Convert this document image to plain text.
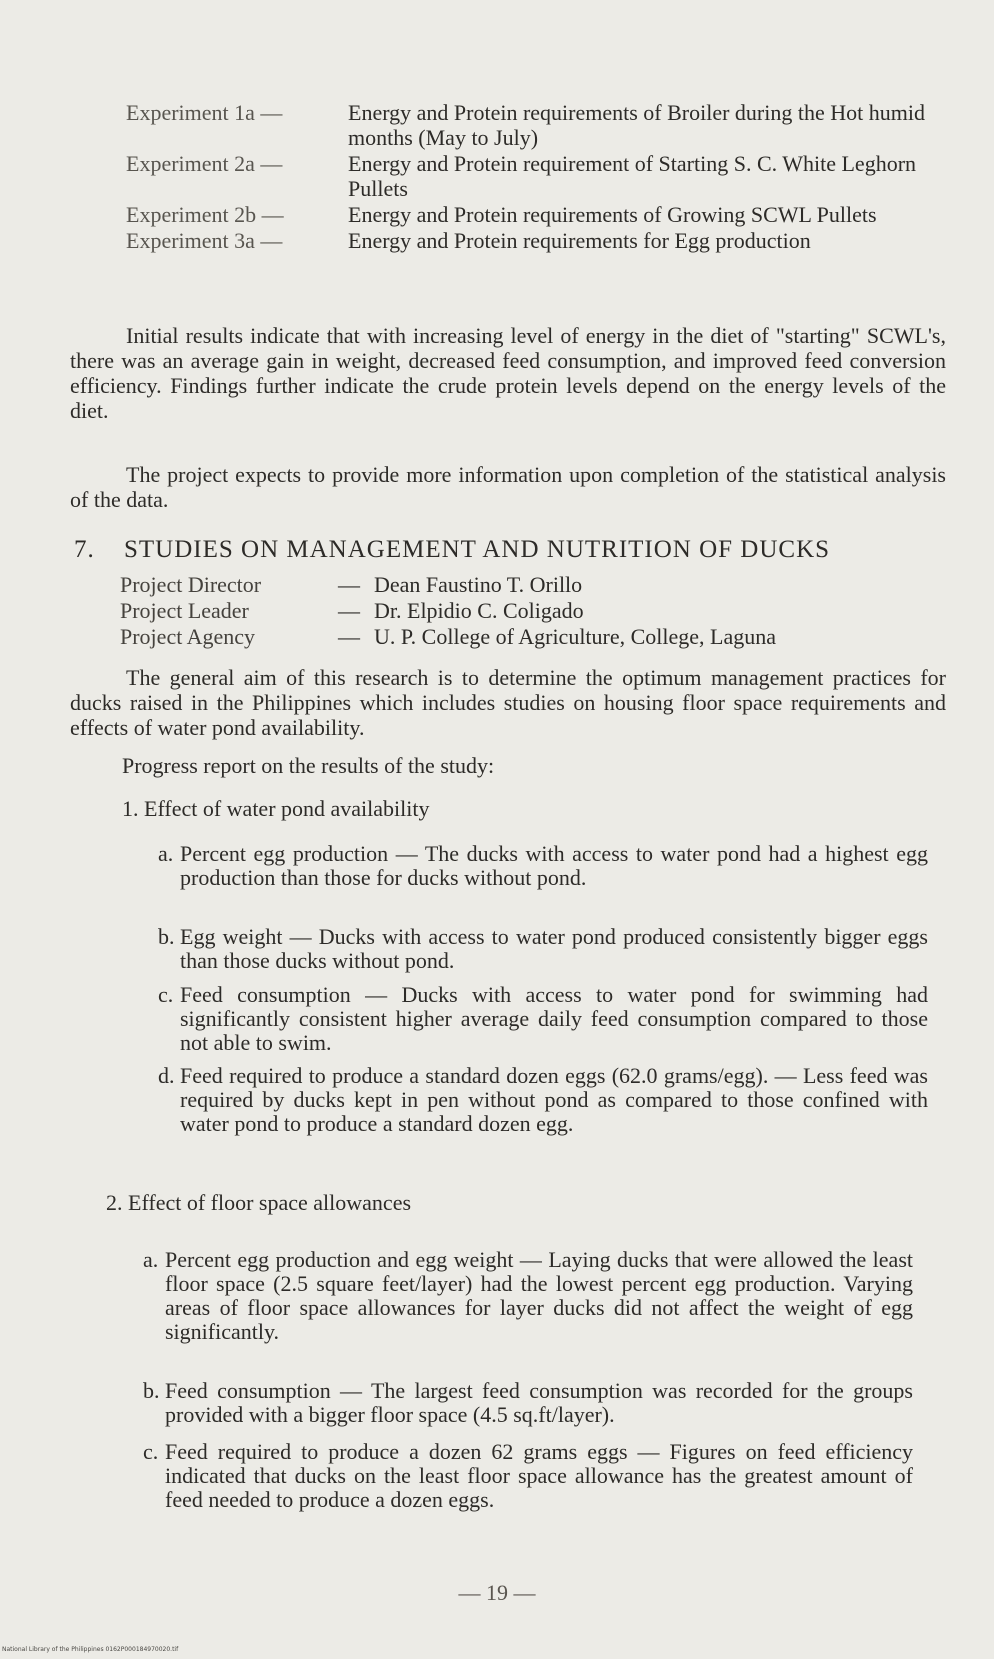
Experiment 1a —	Energy and Protein requirements of Broiler during the Hot humid months (May to July)
Experiment 2a —	Energy and Protein requirement of Starting S. C. White Leghorn Pullets
Experiment 2b —	Energy and Protein requirements of Growing SCWL Pullets
Experiment 3a —	Energy and Protein requirements for Egg production

Initial results indicate that with increasing level of energy in the diet of "starting" SCWL's, there was an average gain in weight, decreased feed consumption, and improved feed conversion efficiency. Findings further indicate the crude protein levels depend on the energy levels of the diet.

The project expects to provide more information upon completion of the statistical analysis of the data.

7. STUDIES ON MANAGEMENT AND NUTRITION OF DUCKS
Project Director	— Dean Faustino T. Orillo
Project Leader	— Dr. Elpidio C. Coligado
Project Agency	— U. P. College of Agriculture, College, Laguna

The general aim of this research is to determine the optimum management practices for ducks raised in the Philippines which includes studies on housing floor space requirements and effects of water pond availability.

Progress report on the results of the study:
1. Effect of water pond availability
a. Percent egg production — The ducks with access to water pond had a highest egg production than those for ducks without pond.
b. Egg weight — Ducks with access to water pond produced consistently bigger eggs than those ducks without pond.
c. Feed consumption — Ducks with access to water pond for swimming had significantly consistent higher average daily feed consumption compared to those not able to swim.
d. Feed required to produce a standard dozen eggs (62.0 grams/egg). — Less feed was required by ducks kept in pen without pond as compared to those confined with water pond to produce a standard dozen egg.
2. Effect of floor space allowances
a. Percent egg production and egg weight — Laying ducks that were allowed the least floor space (2.5 square feet/layer) had the lowest percent egg production. Varying areas of floor space allowances for layer ducks did not affect the weight of egg significantly.
b. Feed consumption — The largest feed consumption was recorded for the groups provided with a bigger floor space (4.5 sq.ft/layer).
c. Feed required to produce a dozen 62 grams eggs — Figures on feed efficiency indicated that ducks on the least floor space allowance has the greatest amount of feed needed to produce a dozen eggs.
— 19 —
National Library of the Philippines 0162P000184970020.tif
